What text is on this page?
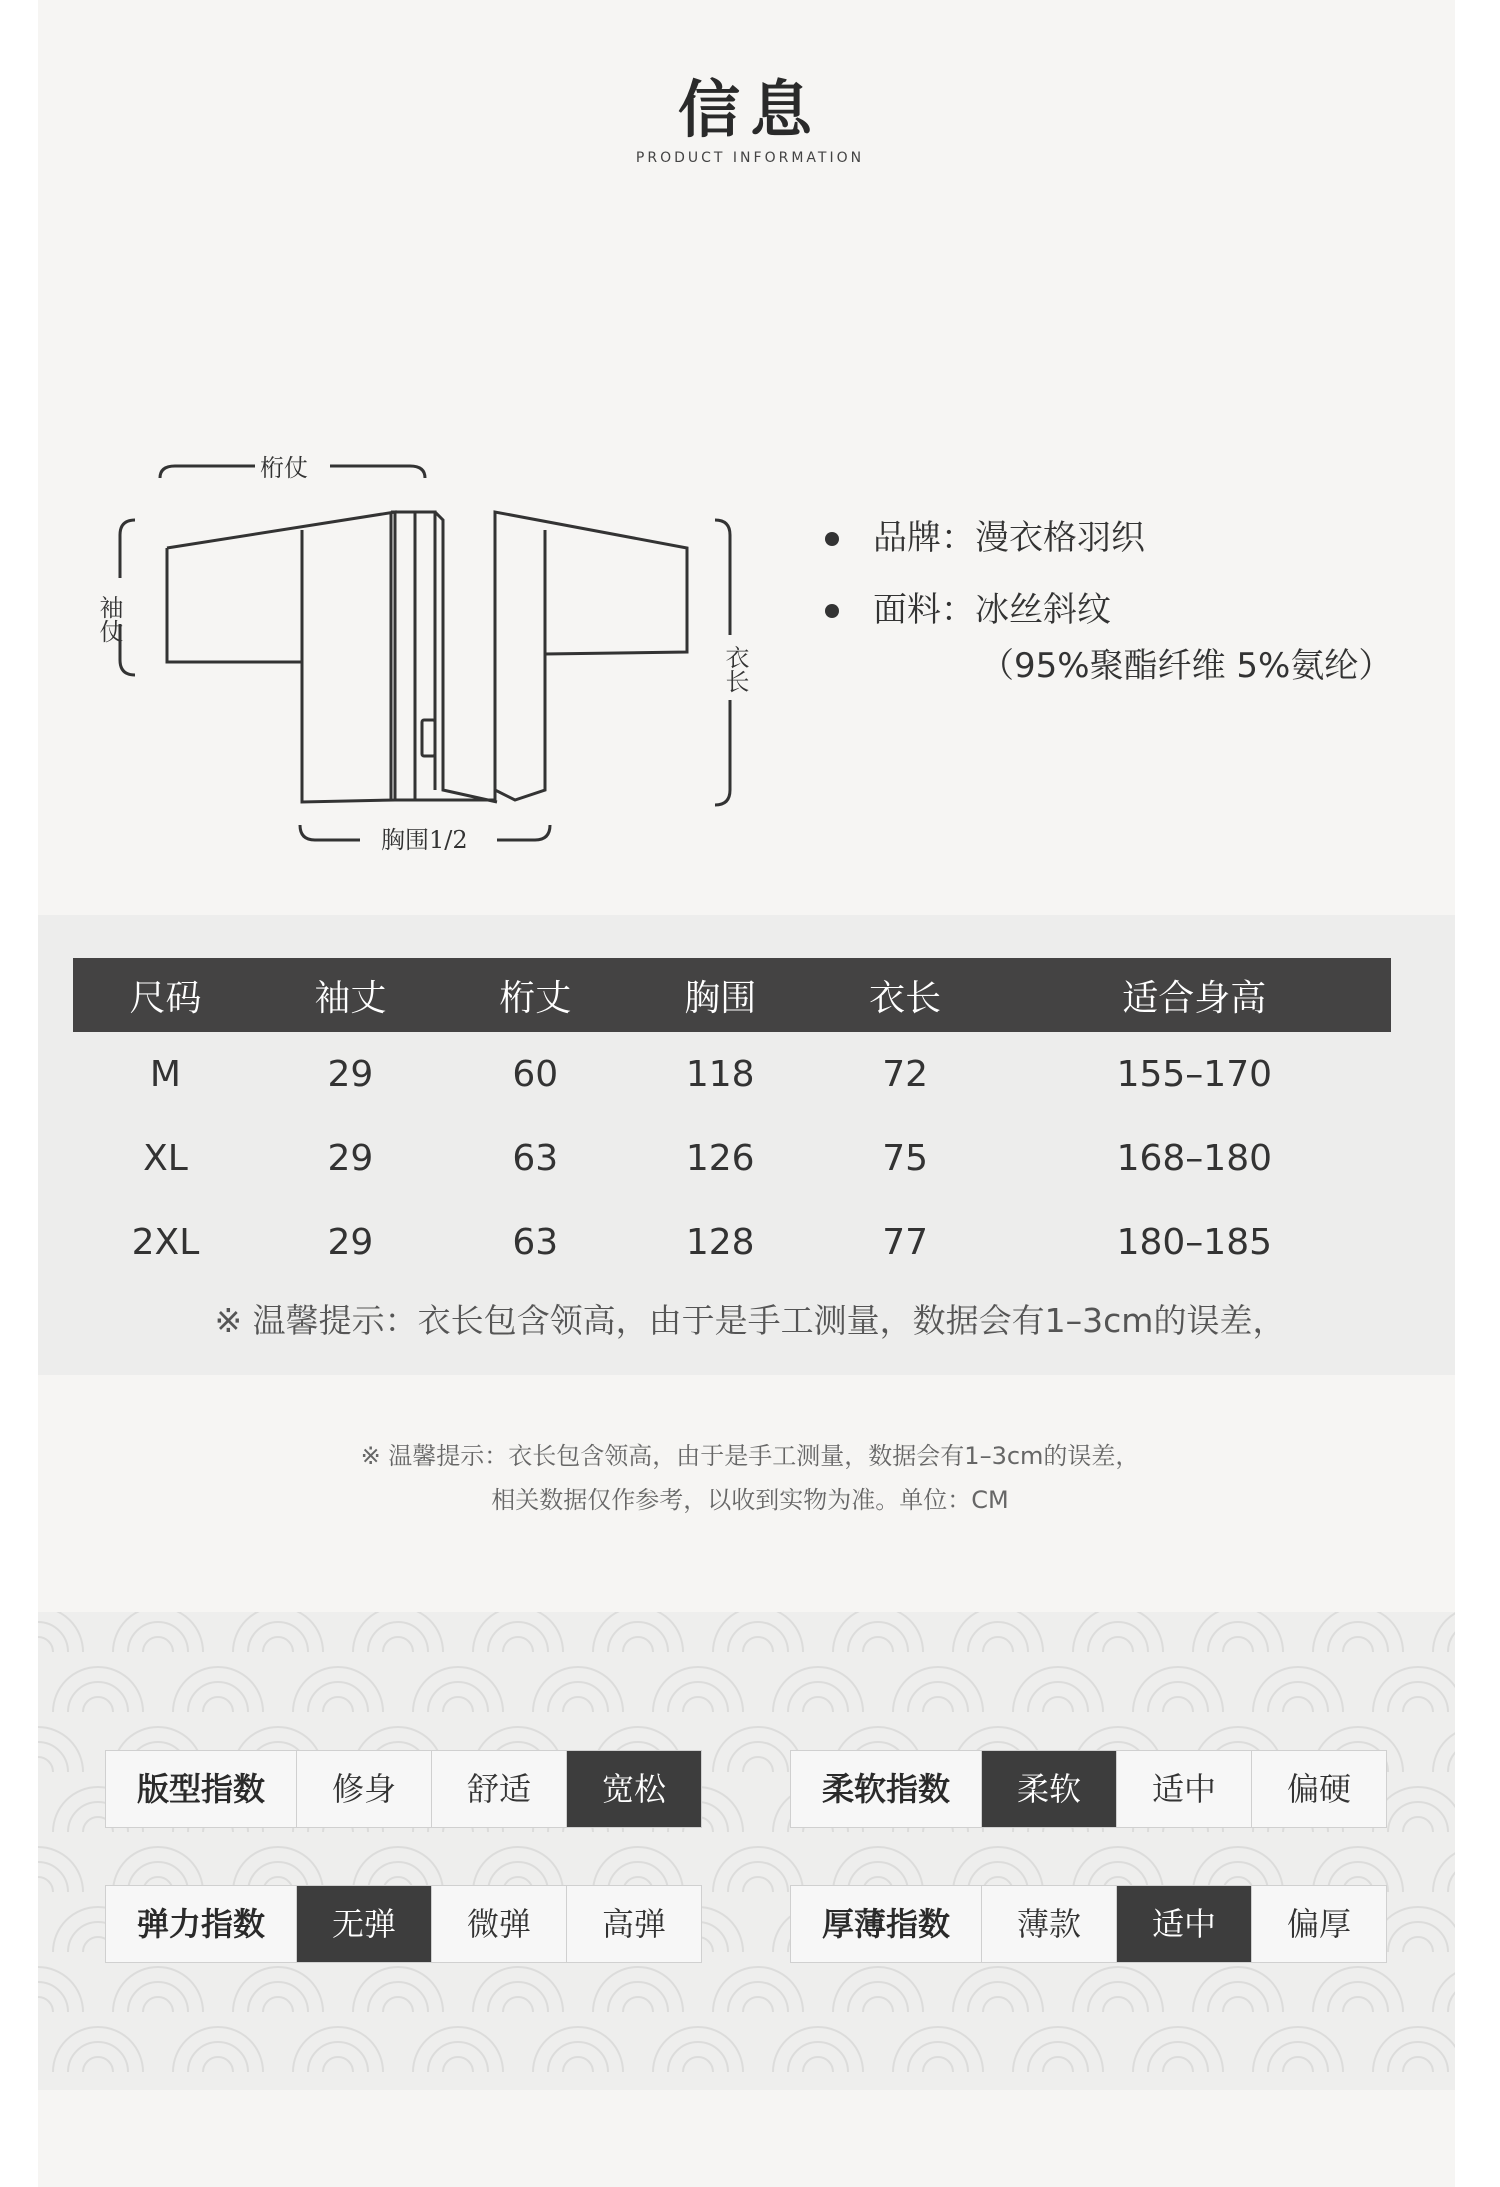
信息
PRODUCT INFORMATION
桁仗
袖仗
衣长
胸围1/2
品牌：漫衣格羽织
面料：冰丝斜纹
（95%聚酯纤维 5%氨纶）
尺码	袖丈	桁丈	胸围	衣长	适合身高
M	29	60	118	72	155–170
XL	29	63	126	75	168–180
2XL	29	63	128	77	180–185
※ 温馨提示：衣长包含领高，由于是手工测量，数据会有1–3cm的误差，
※ 温馨提示：衣长包含领高，由于是手工测量，数据会有1–3cm的误差，
相关数据仅作参考，以收到实物为准。单位：CM
版型指数	修身	舒适	宽松	柔软指数	柔软	适中	偏硬
弹力指数	无弹	微弹	高弹	厚薄指数	薄款	适中	偏厚
